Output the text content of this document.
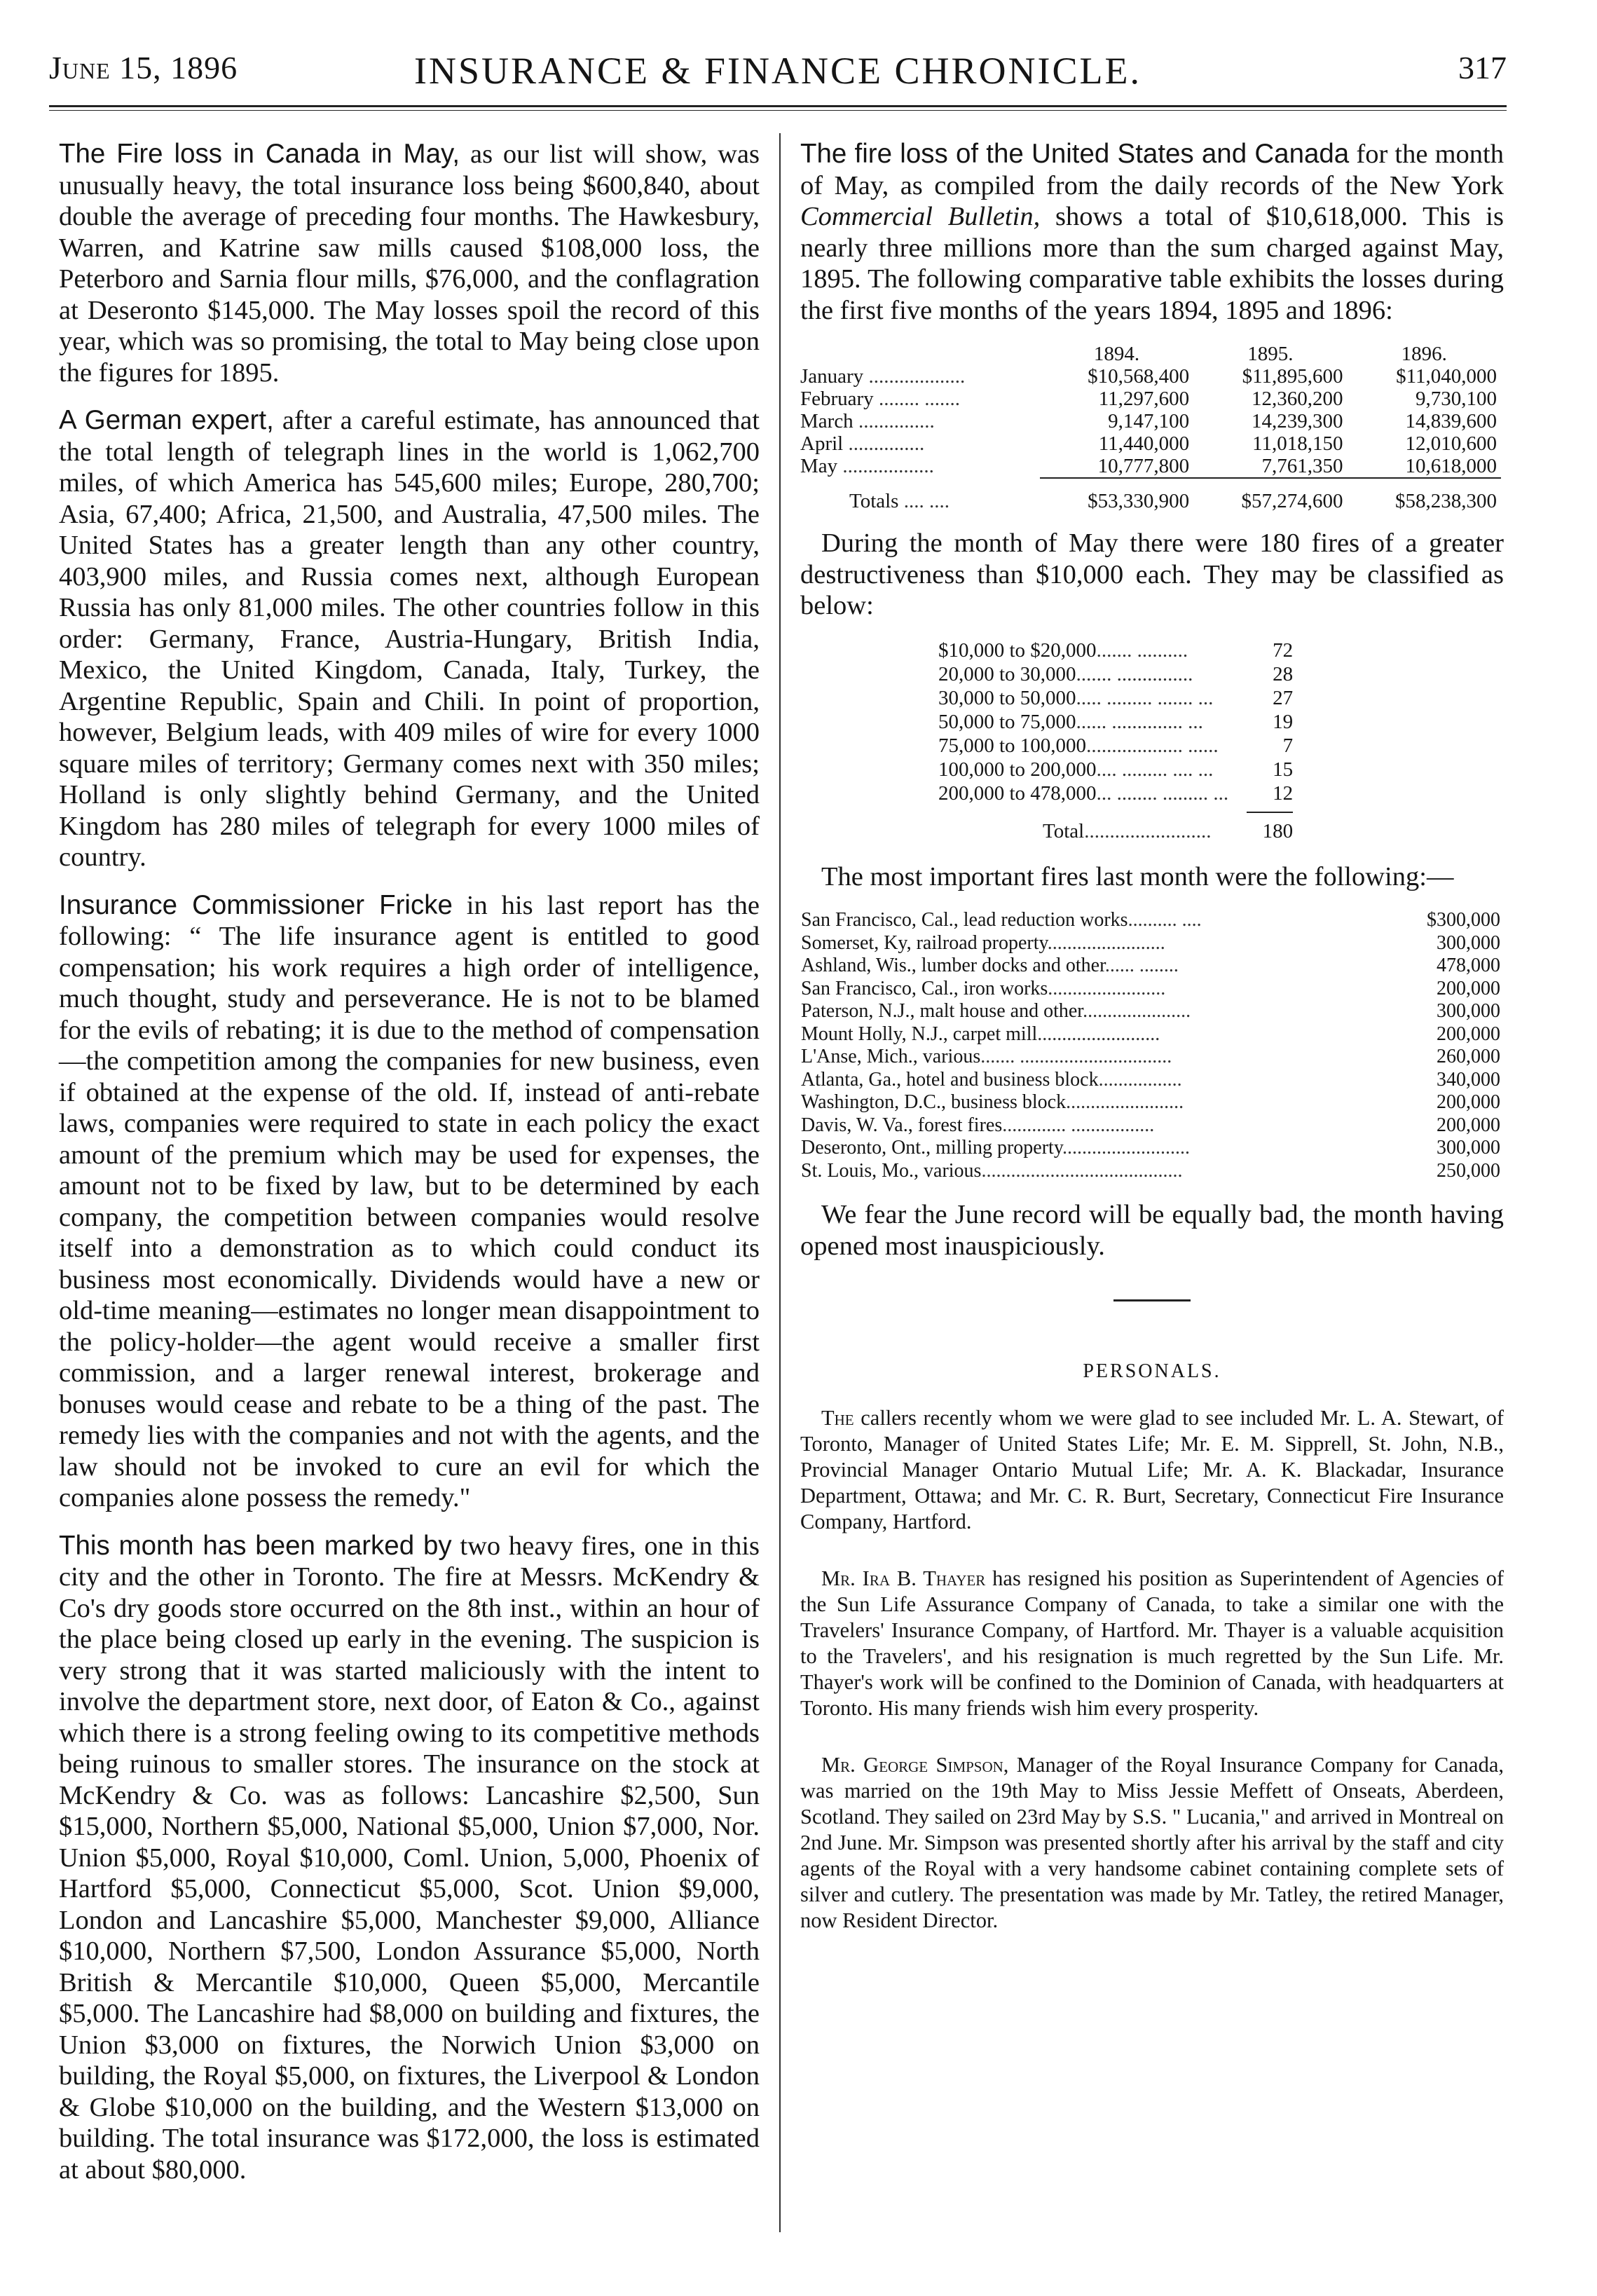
June 15, 1896	INSURANCE & FINANCE CHRONICLE.	317

The Fire loss in Canada in May, as our list will show, was unusually heavy, the total insurance loss being $600,840, about double the average of preceding four months. The Hawkesbury, Warren, and Katrine saw mills caused $108,000 loss, the Peterboro and Sarnia flour mills, $76,000, and the conflagration at Deseronto $145,000. The May losses spoil the record of this year, which was so promising, the total to May being close upon the figures for 1895.

A German expert, after a careful estimate, has announced that the total length of telegraph lines in the world is 1,062,700 miles, of which America has 545,600 miles; Europe, 280,700; Asia, 67,400; Africa, 21,500, and Australia, 47,500 miles. The United States has a greater length than any other country, 403,900 miles, and Russia comes next, although European Russia has only 81,000 miles. The other countries follow in this order: Germany, France, Austria-Hungary, British India, Mexico, the United Kingdom, Canada, Italy, Turkey, the Argentine Republic, Spain and Chili. In point of proportion, however, Belgium leads, with 409 miles of wire for every 1000 square miles of territory; Germany comes next with 350 miles; Holland is only slightly behind Germany, and the United Kingdom has 280 miles of telegraph for every 1000 miles of country.

Insurance Commissioner Fricke in his last report has the following: “ The life insurance agent is entitled to good compensation; his work requires a high order of intelligence, much thought, study and perseverance. He is not to be blamed for the evils of rebating; it is due to the method of compensation—the competition among the companies for new business, even if obtained at the expense of the old. If, instead of anti-rebate laws, companies were required to state in each policy the exact amount of the premium which may be used for expenses, the amount not to be fixed by law, but to be determined by each company, the competition between companies would resolve itself into a demonstration as to which could conduct its business most economically. Dividends would have a new or old-time meaning—estimates no longer mean disappointment to the policy-holder—the agent would receive a smaller first commission, and a larger renewal interest, brokerage and bonuses would cease and rebate to be a thing of the past. The remedy lies with the companies and not with the agents, and the law should not be invoked to cure an evil for which the companies alone possess the remedy."

This month has been marked by two heavy fires, one in this city and the other in Toronto. The fire at Messrs. McKendry & Co's dry goods store occurred on the 8th inst., within an hour of the place being closed up early in the evening. The suspicion is very strong that it was started maliciously with the intent to involve the department store, next door, of Eaton & Co., against which there is a strong feeling owing to its competitive methods being ruinous to smaller stores. The insurance on the stock at McKendry & Co. was as follows: Lancashire $2,500, Sun $15,000, Northern $5,000, National $5,000, Union $7,000, Nor. Union $5,000, Royal $10,000, Coml. Union, 5,000, Phoenix of Hartford $5,000, Connecticut $5,000, Scot. Union $9,000, London and Lancashire $5,000, Manchester $9,000, Alliance $10,000, Northern $7,500, London Assurance $5,000, North British & Mercantile $10,000, Queen $5,000, Mercantile $5,000. The Lancashire had $8,000 on building and fixtures, the Union $3,000 on fixtures, the Norwich Union $3,000 on building, the Royal $5,000, on fixtures, the Liverpool & London & Globe $10,000 on the building, and the Western $13,000 on building. The total insurance was $172,000, the loss is estimated at about $80,000.

The fire loss of the United States and Canada for the month of May, as compiled from the daily records of the New York Commercial Bulletin, shows a total of $10,618,000. This is nearly three millions more than the sum charged against May, 1895. The following comparative table exhibits the losses during the first five months of the years 1894, 1895 and 1896:

	1894.	1895.	1896.
January ...................	$10,568,400	$11,895,600	$11,040,000
February ........ .......	11,297,600	12,360,200	9,730,100
March ...............	9,147,100	14,239,300	14,839,600
April ...............	11,440,000	11,018,150	12,010,600
May ..................	10,777,800	7,761,350	10,618,000

Totals .... ....	$53,330,900	$57,274,600	$58,238,300

During the month of May there were 180 fires of a greater destructiveness than $10,000 each. They may be classified as below:

$10,000 to $20,000....... ..........	72
20,000 to 30,000....... ...............	28
30,000 to 50,000..... ......... ....... ...	27
50,000 to 75,000...... .............. ...	19
75,000 to 100,000................... ......	7
100,000 to 200,000.... ......... .... ...	15
200,000 to 478,000... ........ ......... ...	12

Total.........................	180

The most important fires last month were the following:—

San Francisco, Cal., lead reduction works.......... ....	$300,000
Somerset, Ky, railroad property........................	300,000
Ashland, Wis., lumber docks and other...... ........	478,000
San Francisco, Cal., iron works........................	200,000
Paterson, N.J., malt house and other......................	300,000
Mount Holly, N.J., carpet mill.........................	200,000
L'Anse, Mich., various....... ...............................	260,000
Atlanta, Ga., hotel and business block.................	340,000
Washington, D.C., business block........................	200,000
Davis, W. Va., forest fires............. .................	200,000
Deseronto, Ont., milling property..........................	300,000
St. Louis, Mo., various.........................................	250,000

We fear the June record will be equally bad, the month having opened most inauspiciously.

PERSONALS.

The callers recently whom we were glad to see included Mr. L. A. Stewart, of Toronto, Manager of United States Life; Mr. E. M. Sipprell, St. John, N.B., Provincial Manager Ontario Mutual Life; Mr. A. K. Blackadar, Insurance Department, Ottawa; and Mr. C. R. Burt, Secretary, Connecticut Fire Insurance Company, Hartford.

Mr. Ira B. Thayer has resigned his position as Superintendent of Agencies of the Sun Life Assurance Company of Canada, to take a similar one with the Travelers' Insurance Company, of Hartford. Mr. Thayer is a valuable acquisition to the Travelers', and his resignation is much regretted by the Sun Life. Mr. Thayer's work will be confined to the Dominion of Canada, with headquarters at Toronto. His many friends wish him every prosperity.

Mr. George Simpson, Manager of the Royal Insurance Company for Canada, was married on the 19th May to Miss Jessie Meffett of Onseats, Aberdeen, Scotland. They sailed on 23rd May by S.S. " Lucania," and arrived in Montreal on 2nd June. Mr. Simpson was presented shortly after his arrival by the staff and city agents of the Royal with a very handsome cabinet containing complete sets of silver and cutlery. The presentation was made by Mr. Tatley, the retired Manager, now Resident Director.
